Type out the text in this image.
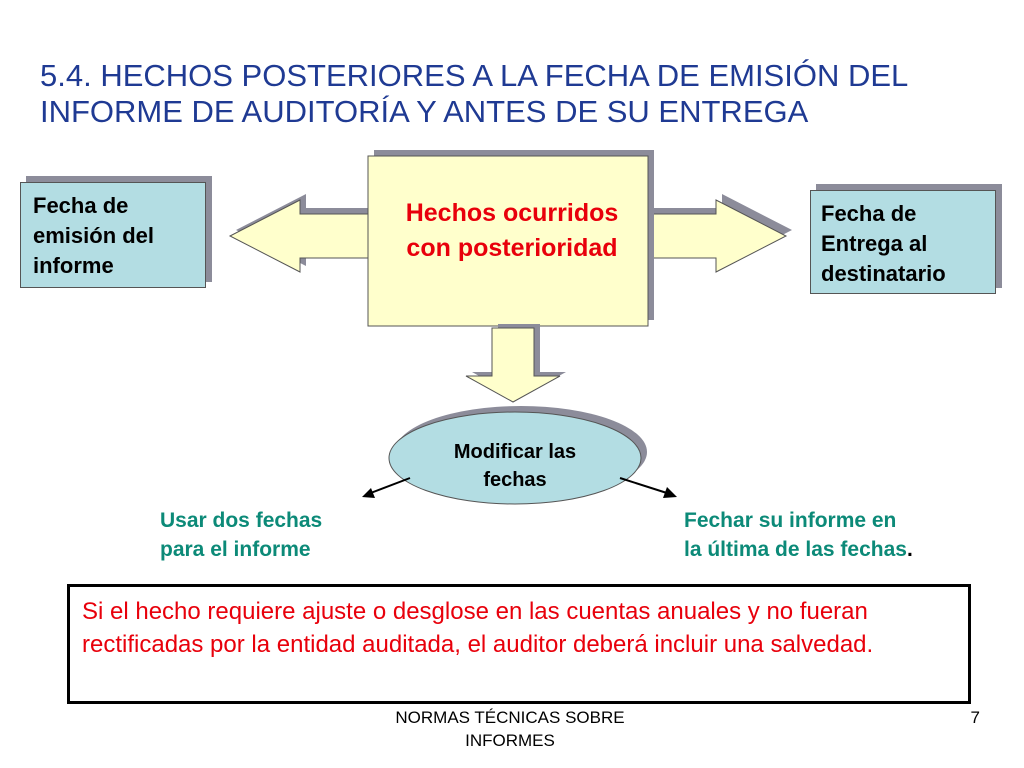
5.4. HECHOS POSTERIORES A LA FECHA DE EMISIÓN DEL INFORME DE AUDITORÍA Y ANTES DE SU ENTREGA
Fecha de
emisión del
informe
Fecha de
Entrega al
destinatario
Hechos ocurridos
con posterioridad
Modificar las
fechas
Usar dos fechas
para el informe
Fechar su informe en
la última de las fechas.
Si el hecho requiere ajuste o desglose en las cuentas anuales y no fueran rectificadas por la entidad auditada, el auditor deberá incluir una salvedad.
NORMAS TÉCNICAS SOBRE
INFORMES
7
